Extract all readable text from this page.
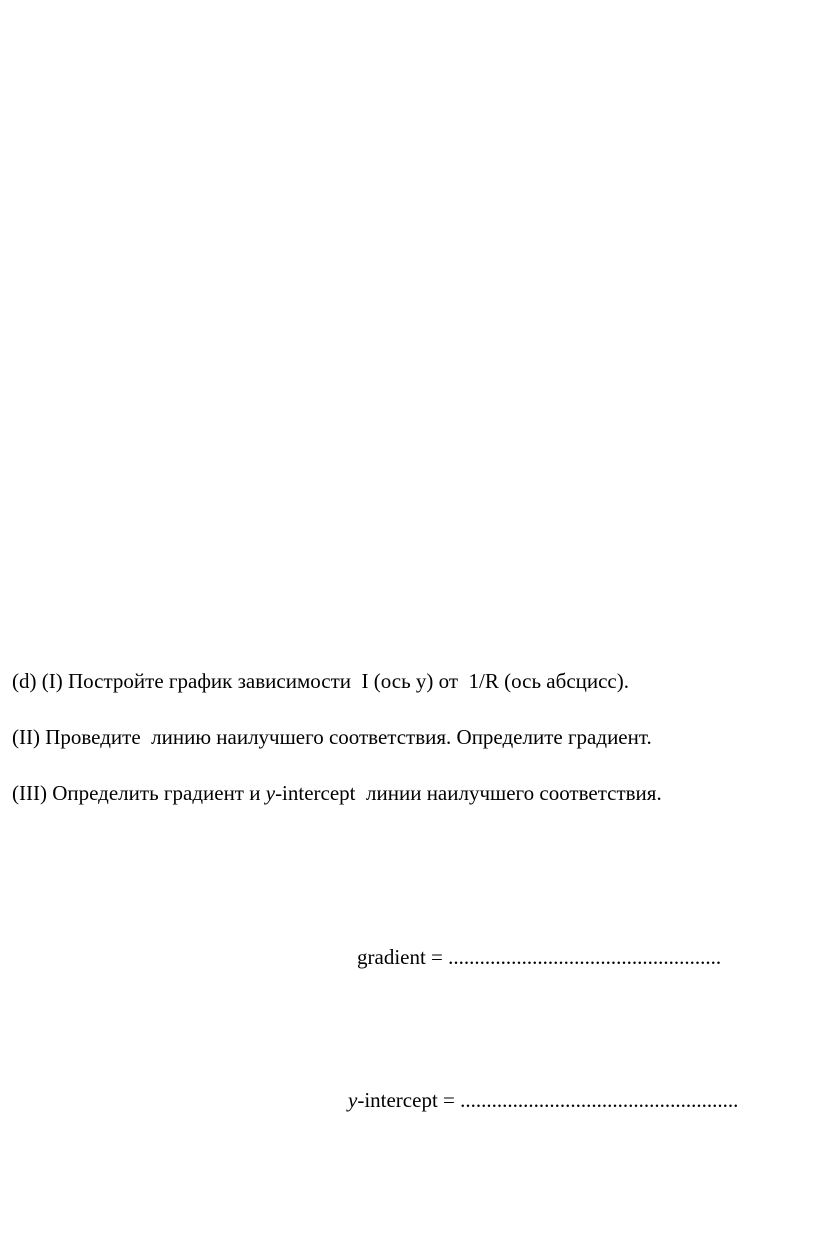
(d) (I) Постройте график зависимости  I (ось y) от  1/R (ось абсцисс).

(II) Проведите  линию наилучшего соответствия. Определите градиент.

(III) Определить градиент и y-intercept  линии наилучшего соответствия.

gradient = ....................................................

y-intercept = .....................................................
